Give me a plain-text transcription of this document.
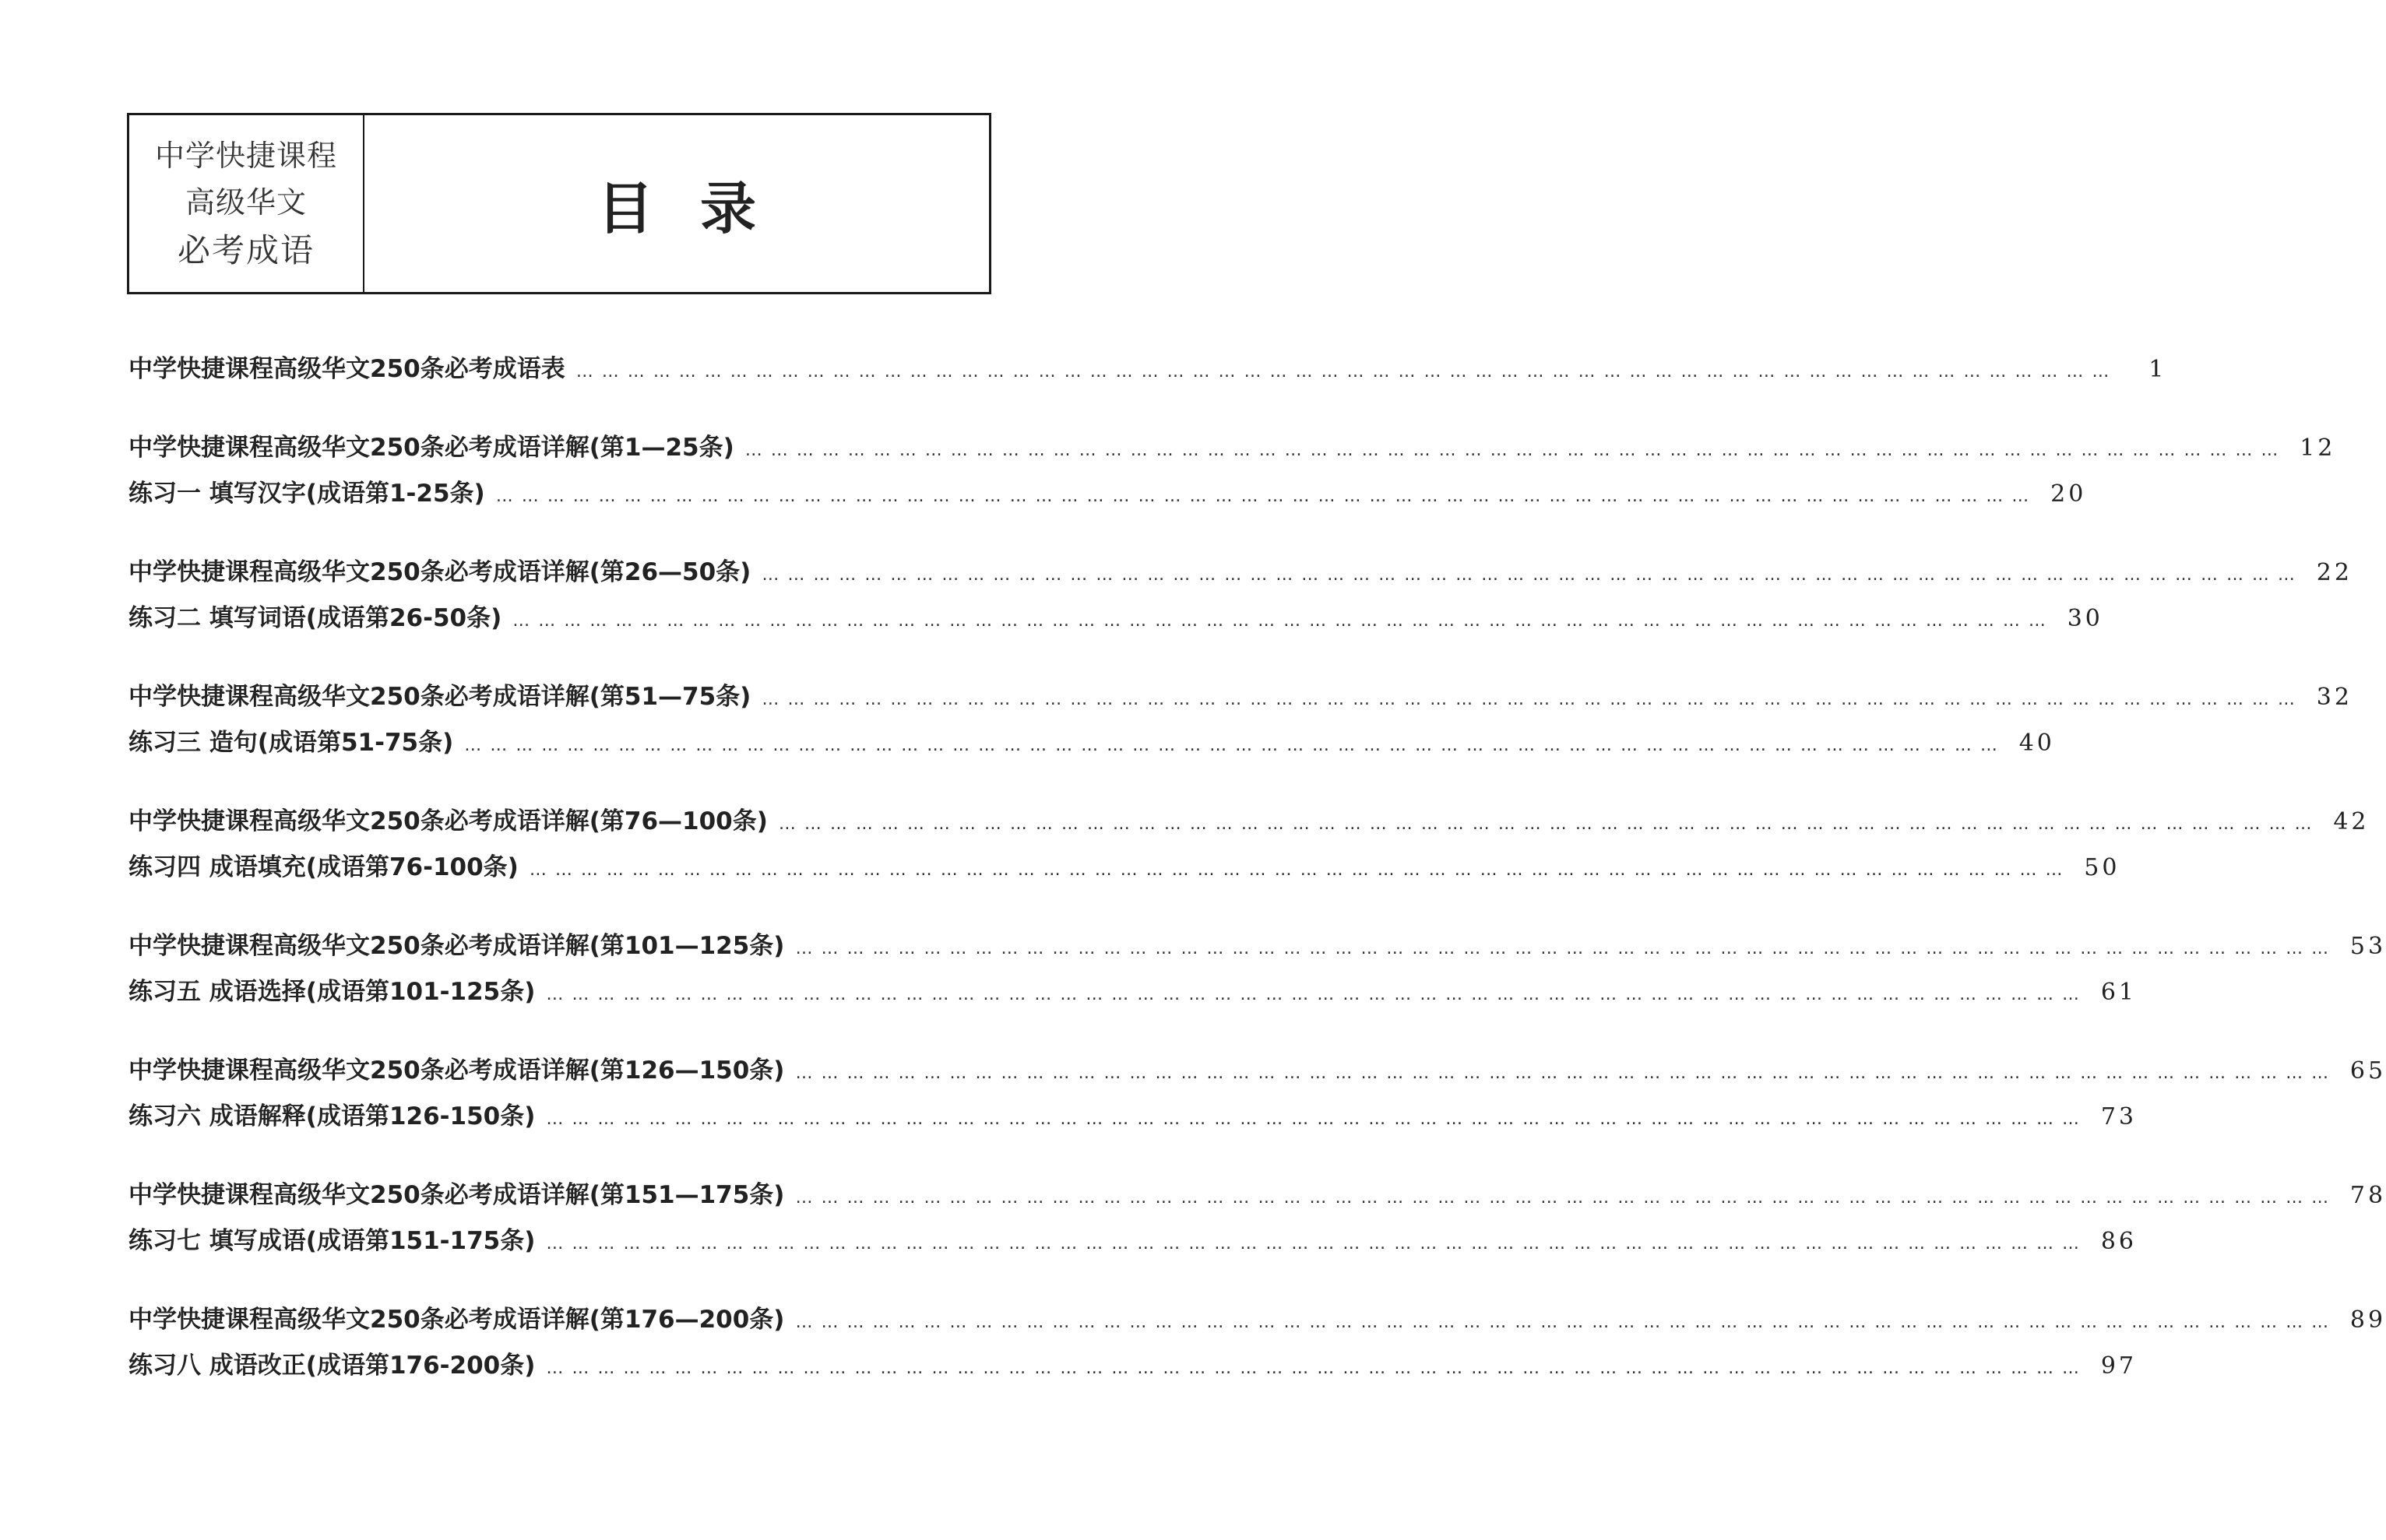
中学快捷课程
高级华文
必考成语
目录
中学快捷课程高级华文250条必考成语表 … … … … … … … … … … … … … … … … … … … … … … … … … … … … … … … … … … … … … … … … … … … … … … … … … … … … … … … … … … … …	1
中学快捷课程高级华文250条必考成语详解(第1—25条) … … … … … … … … … … … … … … … … … … … … … … … … … … … … … … … … … … … … … … … … … … … … … … … … … … … … … … … … … … … … 12
练习一 填写汉字(成语第1-25条) … … … … … … … … … … … … … … … … … … … … … … … … … … … … … … … … … … … … … … … … … … … … … … … … … … … … … … … … … … … … 20
中学快捷课程高级华文250条必考成语详解(第26—50条) … … … … … … … … … … … … … … … … … … … … … … … … … … … … … … … … … … … … … … … … … … … … … … … … … … … … … … … … … … … … 22
练习二 填写词语(成语第26-50条) … … … … … … … … … … … … … … … … … … … … … … … … … … … … … … … … … … … … … … … … … … … … … … … … … … … … … … … … … … … … 30
中学快捷课程高级华文250条必考成语详解(第51—75条) … … … … … … … … … … … … … … … … … … … … … … … … … … … … … … … … … … … … … … … … … … … … … … … … … … … … … … … … … … … … 32
练习三 造句(成语第51-75条) … … … … … … … … … … … … … … … … … … … … … … … … … … … … … … … … … … … … … … … … … … … … … … … … … … … … … … … … … … … … 40
中学快捷课程高级华文250条必考成语详解(第76—100条) … … … … … … … … … … … … … … … … … … … … … … … … … … … … … … … … … … … … … … … … … … … … … … … … … … … … … … … … … … … … 42
练习四 成语填充(成语第76-100条) … … … … … … … … … … … … … … … … … … … … … … … … … … … … … … … … … … … … … … … … … … … … … … … … … … … … … … … … … … … … 50
中学快捷课程高级华文250条必考成语详解(第101—125条) … … … … … … … … … … … … … … … … … … … … … … … … … … … … … … … … … … … … … … … … … … … … … … … … … … … … … … … … … … … … 53
练习五 成语选择(成语第101-125条) … … … … … … … … … … … … … … … … … … … … … … … … … … … … … … … … … … … … … … … … … … … … … … … … … … … … … … … … … … … … 61
中学快捷课程高级华文250条必考成语详解(第126—150条) … … … … … … … … … … … … … … … … … … … … … … … … … … … … … … … … … … … … … … … … … … … … … … … … … … … … … … … … … … … … 65
练习六 成语解释(成语第126-150条) … … … … … … … … … … … … … … … … … … … … … … … … … … … … … … … … … … … … … … … … … … … … … … … … … … … … … … … … … … … … 73
中学快捷课程高级华文250条必考成语详解(第151—175条) … … … … … … … … … … … … … … … … … … … … … … … … … … … … … … … … … … … … … … … … … … … … … … … … … … … … … … … … … … … … 78
练习七 填写成语(成语第151-175条) … … … … … … … … … … … … … … … … … … … … … … … … … … … … … … … … … … … … … … … … … … … … … … … … … … … … … … … … … … … … 86
中学快捷课程高级华文250条必考成语详解(第176—200条) … … … … … … … … … … … … … … … … … … … … … … … … … … … … … … … … … … … … … … … … … … … … … … … … … … … … … … … … … … … … 89
练习八 成语改正(成语第176-200条) … … … … … … … … … … … … … … … … … … … … … … … … … … … … … … … … … … … … … … … … … … … … … … … … … … … … … … … … … … … … 97
